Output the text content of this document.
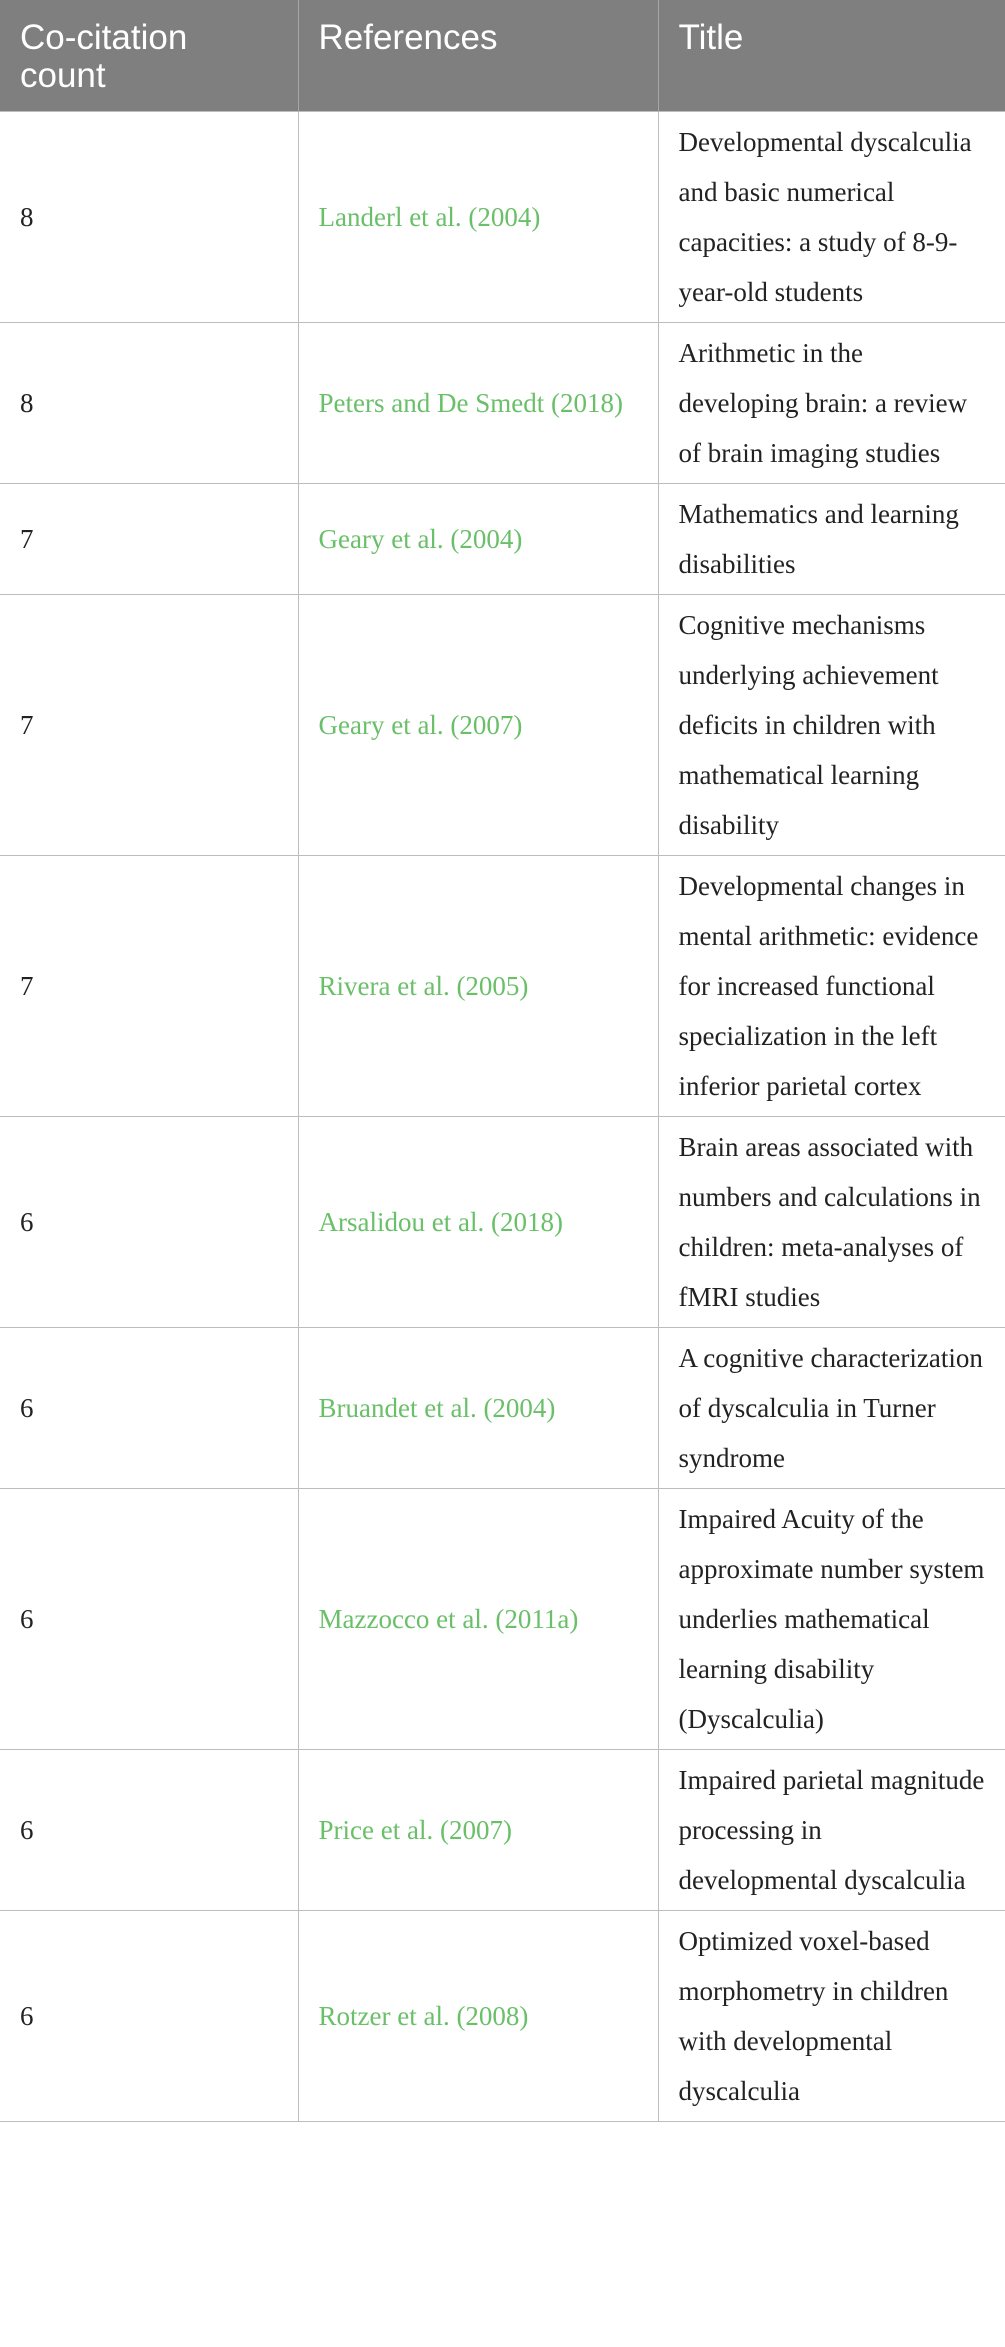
Co-citation count	References	Title
8	Landerl et al. (2004)	Developmental dyscalculia and basic numerical capacities: a study of 8-9-year-old students
8	Peters and De Smedt (2018)	Arithmetic in the developing brain: a review of brain imaging studies
7	Geary et al. (2004)	Mathematics and learning disabilities
7	Geary et al. (2007)	Cognitive mechanisms underlying achievement deficits in children with mathematical learning disability
7	Rivera et al. (2005)	Developmental changes in mental arithmetic: evidence for increased functional specialization in the left inferior parietal cortex
6	Arsalidou et al. (2018)	Brain areas associated with numbers and calculations in children: meta-analyses of fMRI studies
6	Bruandet et al. (2004)	A cognitive characterization of dyscalculia in Turner syndrome
6	Mazzocco et al. (2011a)	Impaired Acuity of the approximate number system underlies mathematical learning disability (Dyscalculia)
6	Price et al. (2007)	Impaired parietal magnitude processing in developmental dyscalculia
6	Rotzer et al. (2008)	Optimized voxel-based morphometry in children with developmental dyscalculia
